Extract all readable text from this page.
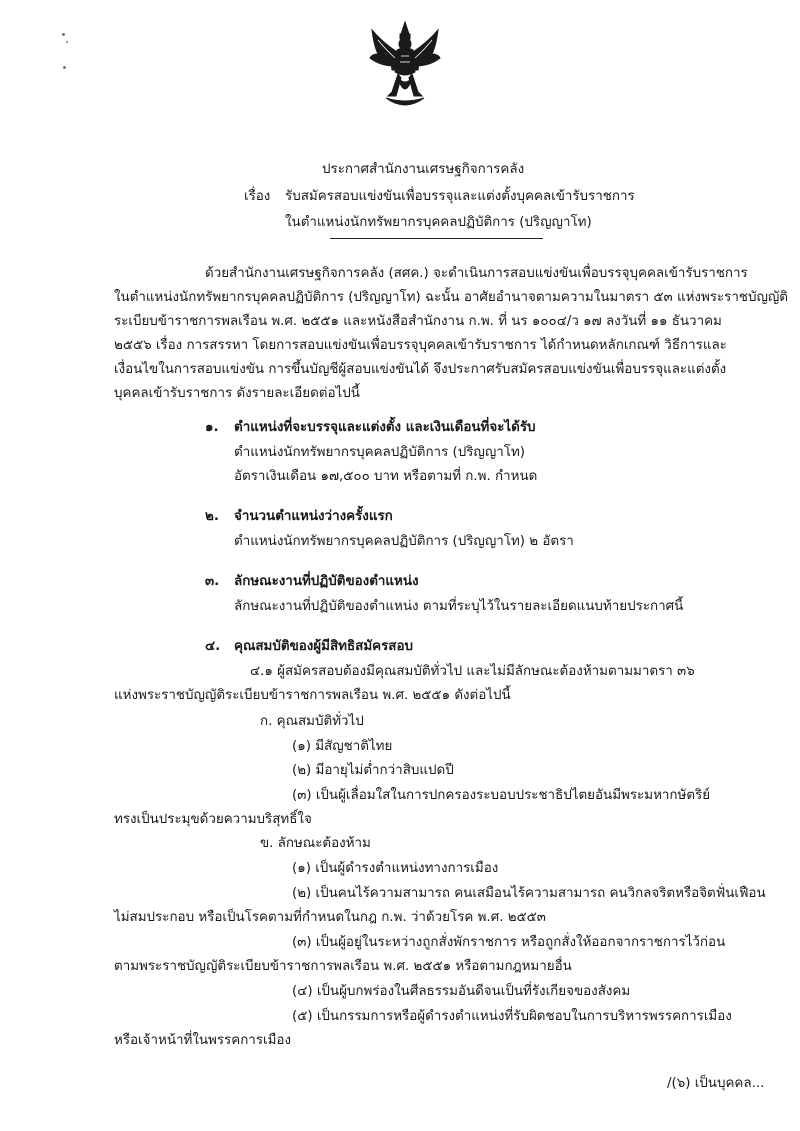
ประกาศสำนักงานเศรษฐกิจการคลัง
เรื่อง รับสมัครสอบแข่งขันเพื่อบรรจุและแต่งตั้งบุคคลเข้ารับราชการ
ในตำแหน่งนักทรัพยากรบุคคลปฏิบัติการ (ปริญญาโท)
ด้วยสำนักงานเศรษฐกิจการคลัง (สศค.) จะดำเนินการสอบแข่งขันเพื่อบรรจุบุคคลเข้ารับราชการ
ในตำแหน่งนักทรัพยากรบุคคลปฏิบัติการ (ปริญญาโท) ฉะนั้น อาศัยอำนาจตามความในมาตรา ๕๓ แห่งพระราชบัญญัติ
ระเบียบข้าราชการพลเรือน พ.ศ. ๒๕๕๑ และหนังสือสำนักงาน ก.พ. ที่ นร ๑๐๐๔/ว ๑๗ ลงวันที่ ๑๑ ธันวาคม
๒๕๕๖ เรื่อง การสรรหา โดยการสอบแข่งขันเพื่อบรรจุบุคคลเข้ารับราชการ ได้กำหนดหลักเกณฑ์ วิธีการและ
เงื่อนไขในการสอบแข่งขัน การขึ้นบัญชีผู้สอบแข่งขันได้ จึงประกาศรับสมัครสอบแข่งขันเพื่อบรรจุและแต่งตั้ง
บุคคลเข้ารับราชการ ดังรายละเอียดต่อไปนี้
๑. ตำแหน่งที่จะบรรจุและแต่งตั้ง และเงินเดือนที่จะได้รับ
ตำแหน่งนักทรัพยากรบุคคลปฏิบัติการ (ปริญญาโท)
อัตราเงินเดือน ๑๗,๕๐๐ บาท หรือตามที่ ก.พ. กำหนด
๒. จำนวนตำแหน่งว่างครั้งแรก
ตำแหน่งนักทรัพยากรบุคคลปฏิบัติการ (ปริญญาโท) ๒ อัตรา
๓. ลักษณะงานที่ปฏิบัติของตำแหน่ง
ลักษณะงานที่ปฏิบัติของตำแหน่ง ตามที่ระบุไว้ในรายละเอียดแนบท้ายประกาศนี้
๔. คุณสมบัติของผู้มีสิทธิสมัครสอบ
๔.๑ ผู้สมัครสอบต้องมีคุณสมบัติทั่วไป และไม่มีลักษณะต้องห้ามตามมาตรา ๓๖
แห่งพระราชบัญญัติระเบียบข้าราชการพลเรือน พ.ศ. ๒๕๕๑ ดังต่อไปนี้
ก. คุณสมบัติทั่วไป
(๑) มีสัญชาติไทย
(๒) มีอายุไม่ต่ำกว่าสิบแปดปี
(๓) เป็นผู้เลื่อมใสในการปกครองระบอบประชาธิปไตยอันมีพระมหากษัตริย์
ทรงเป็นประมุขด้วยความบริสุทธิ์ใจ
ข. ลักษณะต้องห้าม
(๑) เป็นผู้ดำรงตำแหน่งทางการเมือง
(๒) เป็นคนไร้ความสามารถ คนเสมือนไร้ความสามารถ คนวิกลจริตหรือจิตฟั่นเฟือน
ไม่สมประกอบ หรือเป็นโรคตามที่กำหนดในกฎ ก.พ. ว่าด้วยโรค พ.ศ. ๒๕๕๓
(๓) เป็นผู้อยู่ในระหว่างถูกสั่งพักราชการ หรือถูกสั่งให้ออกจากราชการไว้ก่อน
ตามพระราชบัญญัติระเบียบข้าราชการพลเรือน พ.ศ. ๒๕๕๑ หรือตามกฎหมายอื่น
(๔) เป็นผู้บกพร่องในศีลธรรมอันดีจนเป็นที่รังเกียจของสังคม
(๕) เป็นกรรมการหรือผู้ดำรงตำแหน่งที่รับผิดชอบในการบริหารพรรคการเมือง
หรือเจ้าหน้าที่ในพรรคการเมือง
/(๖) เป็นบุคคล...
